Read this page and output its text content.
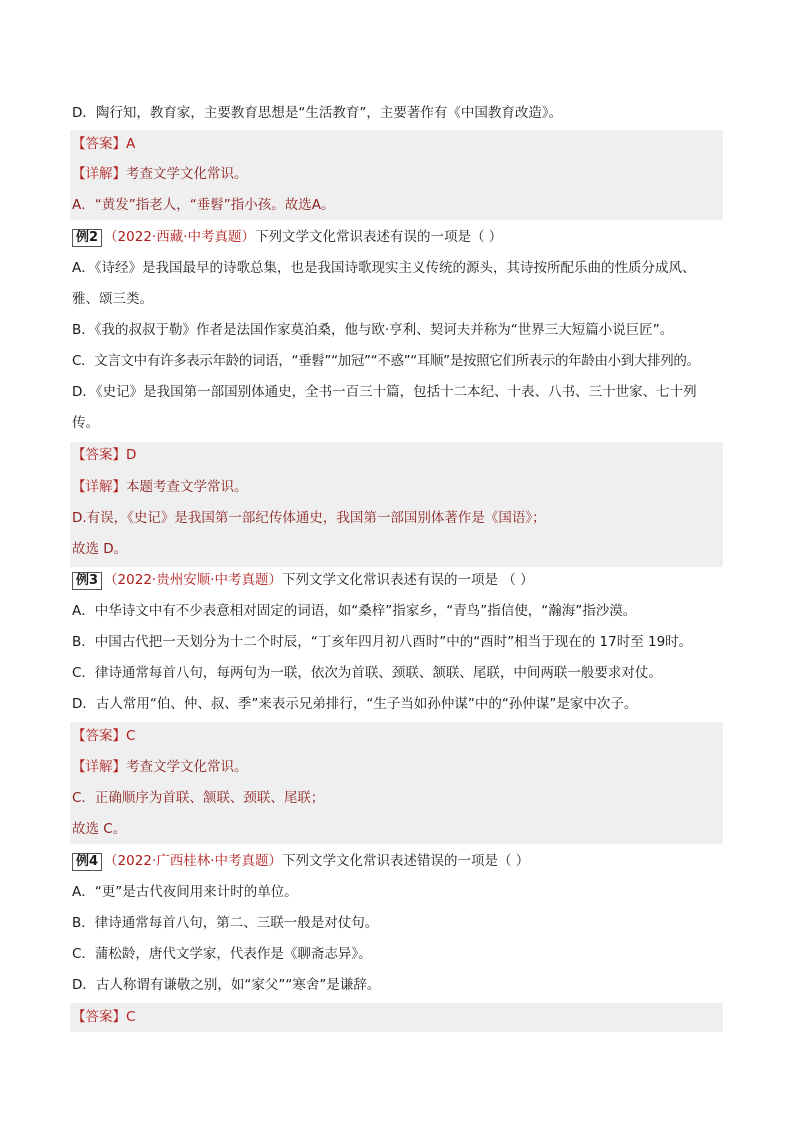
D．陶行知，教育家，主要教育思想是“生活教育”，主要著作有《中国教育改造》。
【答案】A
【详解】考查文学文化常识。
A．“黄发”指老人，“垂髫”指小孩。故选A。
例2 （2022·西藏·中考真题）下列文学文化常识表述有误的一项是（ ）
A．《诗经》是我国最早的诗歌总集，也是我国诗歌现实主义传统的源头，其诗按所配乐曲的性质分成风、
雅、颂三类。
B．《我的叔叔于勒》作者是法国作家莫泊桑，他与欧·亨利、契诃夫并称为“世界三大短篇小说巨匠”。
C．文言文中有许多表示年龄的词语，“垂髫”“加冠”“不惑”“耳顺”是按照它们所表示的年龄由小到大排列的。
D．《史记》是我国第一部国别体通史，全书一百三十篇，包括十二本纪、十表、八书、三十世家、七十列
传。
【答案】D
【详解】本题考查文学常识。
D.有误，《史记》是我国第一部纪传体通史，我国第一部国别体著作是《国语》；
故选 D。
例3 （2022·贵州安顺·中考真题）下列文学文化常识表述有误的一项是 （ ）
A．中华诗文中有不少表意相对固定的词语，如“桑梓”指家乡，“青鸟”指信使，“瀚海”指沙漠。
B．中国古代把一天划分为十二个时辰，“丁亥年四月初八酉时”中的“酉时”相当于现在的 17时至 19时。
C．律诗通常每首八句，每两句为一联，依次为首联、颈联、颔联、尾联，中间两联一般要求对仗。
D．古人常用“伯、仲、叔、季”来表示兄弟排行，“生子当如孙仲谋”中的“孙仲谋”是家中次子。
【答案】C
【详解】考查文学文化常识。
C．正确顺序为首联、颔联、颈联、尾联；
故选 C。
例4 （2022·广西桂林·中考真题）下列文学文化常识表述错误的一项是（ ）
A．“更”是古代夜间用来计时的单位。
B．律诗通常每首八句，第二、三联一般是对仗句。
C．蒲松龄，唐代文学家，代表作是《聊斋志异》。
D．古人称谓有谦敬之别，如“家父”“寒舍”是谦辞。
【答案】C
